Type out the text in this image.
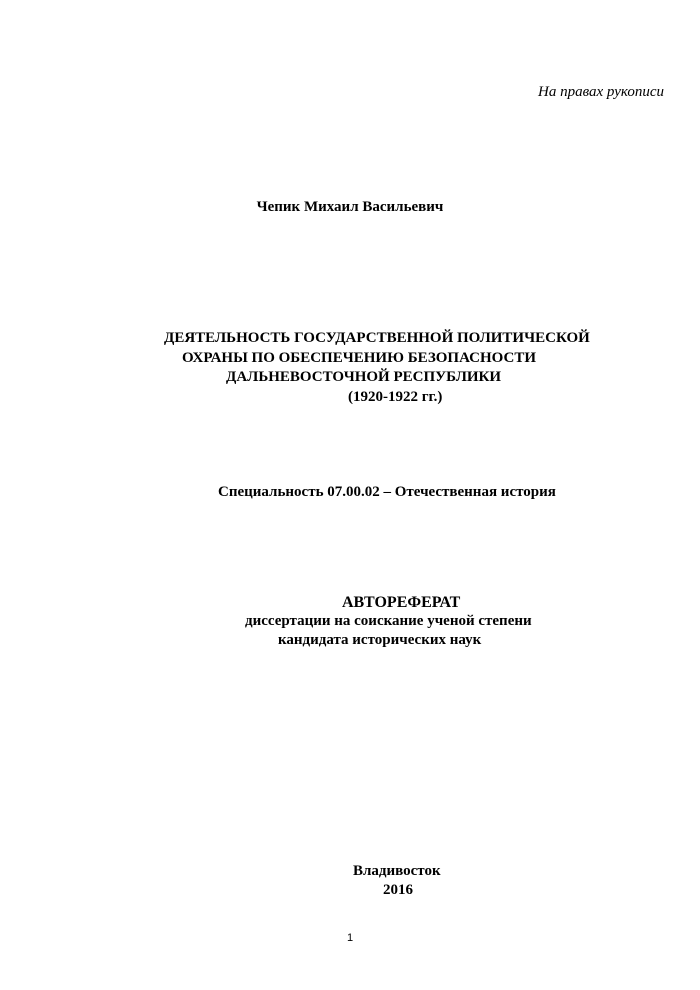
На правах рукописи
Чепик Михаил Васильевич
ДЕЯТЕЛЬНОСТЬ ГОСУДАРСТВЕННОЙ ПОЛИТИЧЕСКОЙ
ОХРАНЫ ПО ОБЕСПЕЧЕНИЮ БЕЗОПАСНОСТИ
ДАЛЬНЕВОСТОЧНОЙ РЕСПУБЛИКИ
(1920-1922 гг.)
Специальность 07.00.02 – Отечественная история
АВТОРЕФЕРАТ
диссертации на соискание ученой степени
кандидата исторических наук
Владивосток
2016
1
